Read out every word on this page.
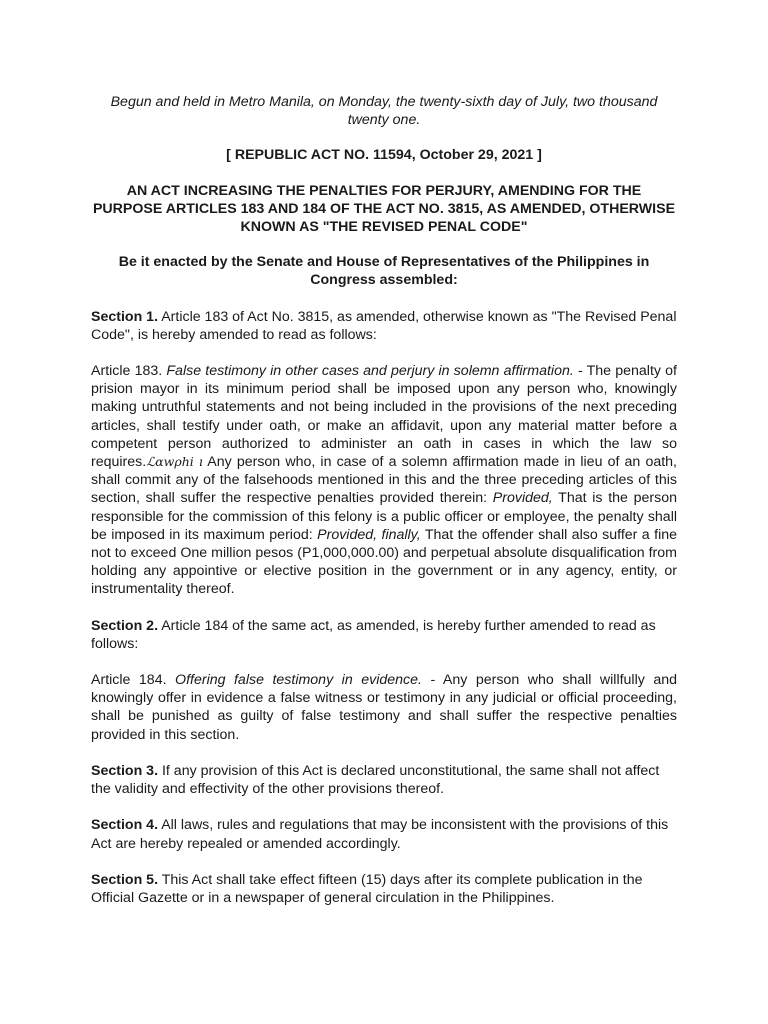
Begun and held in Metro Manila, on Monday, the twenty-sixth day of July, two thousand twenty one.

[ REPUBLIC ACT NO. 11594, October 29, 2021 ]

AN ACT INCREASING THE PENALTIES FOR PERJURY, AMENDING FOR THE PURPOSE ARTICLES 183 AND 184 OF THE ACT NO. 3815, AS AMENDED, OTHERWISE KNOWN AS "THE REVISED PENAL CODE"

Be it enacted by the Senate and House of Representatives of the Philippines in Congress assembled:

Section 1. Article 183 of Act No. 3815, as amended, otherwise known as "The Revised Penal Code", is hereby amended to read as follows:

Article 183. False testimony in other cases and perjury in solemn affirmation. - The penalty of prision mayor in its minimum period shall be imposed upon any person who, knowingly making untruthful statements and not being included in the provisions of the next preceding articles, shall testify under oath, or make an affidavit, upon any material matter before a competent person authorized to administer an oath in cases in which the law so requires.ℒαwρhi ı Any person who, in case of a solemn affirmation made in lieu of an oath, shall commit any of the falsehoods mentioned in this and the three preceding articles of this section, shall suffer the respective penalties provided therein: Provided, That is the person responsible for the commission of this felony is a public officer or employee, the penalty shall be imposed in its maximum period: Provided, finally, That the offender shall also suffer a fine not to exceed One million pesos (P1,000,000.00) and perpetual absolute disqualification from holding any appointive or elective position in the government or in any agency, entity, or instrumentality thereof.

Section 2. Article 184 of the same act, as amended, is hereby further amended to read as follows:

Article 184. Offering false testimony in evidence. - Any person who shall willfully and knowingly offer in evidence a false witness or testimony in any judicial or official proceeding, shall be punished as guilty of false testimony and shall suffer the respective penalties provided in this section.

Section 3. If any provision of this Act is declared unconstitutional, the same shall not affect the validity and effectivity of the other provisions thereof.

Section 4. All laws, rules and regulations that may be inconsistent with the provisions of this Act are hereby repealed or amended accordingly.

Section 5. This Act shall take effect fifteen (15) days after its complete publication in the Official Gazette or in a newspaper of general circulation in the Philippines.
